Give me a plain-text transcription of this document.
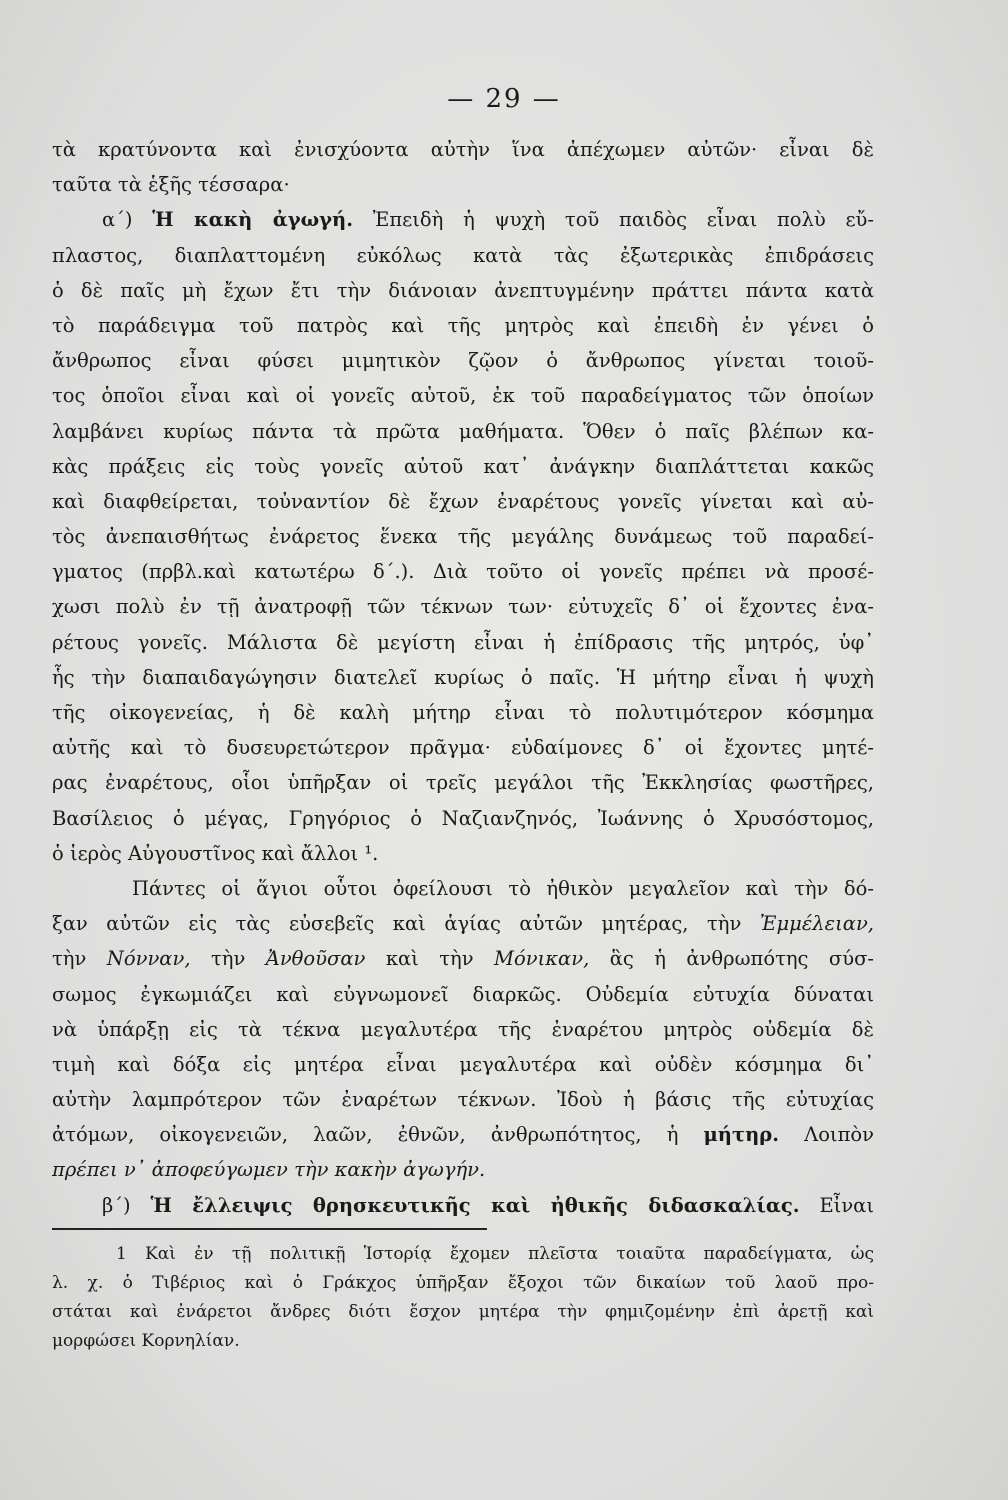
— 29 —
τὰ κρατύνοντα καὶ ἐνισχύοντα αὐτὴν ἵνα ἀπέχωμεν αὐτῶν· εἶναι δὲ
ταῦτα τὰ ἑξῆς τέσσαρα·
α΄) Ἡ κακὴ ἀγωγή. Ἐπειδὴ ἡ ψυχὴ τοῦ παιδὸς εἶναι πολὺ εὔ-
πλαστος, διαπλαττομένη εὐκόλως κατὰ τὰς ἐξωτερικὰς ἐπιδράσεις
ὁ δὲ παῖς μὴ ἔχων ἔτι τὴν διάνοιαν ἀνεπτυγμένην πράττει πάντα κατὰ
τὸ παράδειγμα τοῦ πατρὸς καὶ τῆς μητρὸς καὶ ἐπειδὴ ἐν γένει ὁ
ἄνθρωπος εἶναι φύσει μιμητικὸν ζῷον ὁ ἄνθρωπος γίνεται τοιοῦ-
τος ὁποῖοι εἶναι καὶ οἱ γονεῖς αὐτοῦ, ἐκ τοῦ παραδείγματος τῶν ὁποίων
λαμβάνει κυρίως πάντα τὰ πρῶτα μαθήματα. Ὅθεν ὁ παῖς βλέπων κα-
κὰς πράξεις εἰς τοὺς γονεῖς αὐτοῦ κατ᾽ ἀνάγκην διαπλάττεται κακῶς
καὶ διαφθείρεται, τοὐναντίον δὲ ἔχων ἐναρέτους γονεῖς γίνεται καὶ αὐ-
τὸς ἀνεπαισθήτως ἐνάρετος ἕνεκα τῆς μεγάλης δυνάμεως τοῦ παραδεί-
γματος (πρβλ.καὶ κατωτέρω δ΄.). Διὰ τοῦτο οἱ γονεῖς πρέπει νὰ προσέ-
χωσι πολὺ ἐν τῇ ἀνατροφῇ τῶν τέκνων των· εὐτυχεῖς δ᾽ οἱ ἔχοντες ἐνα-
ρέτους γονεῖς. Μάλιστα δὲ μεγίστη εἶναι ἡ ἐπίδρασις τῆς μητρός, ὑφ᾽
ἧς τὴν διαπαιδαγώγησιν διατελεῖ κυρίως ὁ παῖς. Ἡ μήτηρ εἶναι ἡ ψυχὴ
τῆς οἰκογενείας, ἡ δὲ καλὴ μήτηρ εἶναι τὸ πολυτιμότερον κόσμημα
αὐτῆς καὶ τὸ δυσευρετώτερον πρᾶγμα· εὐδαίμονες δ᾽ οἱ ἔχοντες μητέ-
ρας ἐναρέτους, οἷοι ὑπῆρξαν οἱ τρεῖς μεγάλοι τῆς Ἐκκλησίας φωστῆρες,
Βασίλειος ὁ μέγας, Γρηγόριος ὁ Ναζιανζηνός, Ἰωάννης ὁ Χρυσόστομος,
ὁ ἱερὸς Αὐγουστῖνος καὶ ἄλλοι ¹.
Πάντες οἱ ἅγιοι οὗτοι ὀφείλουσι τὸ ἠθικὸν μεγαλεῖον καὶ τὴν δό-
ξαν αὐτῶν εἰς τὰς εὐσεβεῖς καὶ ἁγίας αὐτῶν μητέρας, τὴν Ἐμμέλειαν,
τὴν Νόνναν, τὴν Ἀνθοῦσαν καὶ τὴν Μόνικαν, ἃς ἡ ἀνθρωπότης σύσ-
σωμος ἐγκωμιάζει καὶ εὐγνωμονεῖ διαρκῶς. Οὐδεμία εὐτυχία δύναται
νὰ ὑπάρξῃ εἰς τὰ τέκνα μεγαλυτέρα τῆς ἐναρέτου μητρὸς οὐδεμία δὲ
τιμὴ καὶ δόξα εἰς μητέρα εἶναι μεγαλυτέρα καὶ οὐδὲν κόσμημα δι᾽
αὐτὴν λαμπρότερον τῶν ἐναρέτων τέκνων. Ἰδοὺ ἡ βάσις τῆς εὐτυχίας
ἀτόμων, οἰκογενειῶν, λαῶν, ἐθνῶν, ἀνθρωπότητος, ἡ μήτηρ. Λοιπὸν
πρέπει ν᾽ ἀποφεύγωμεν τὴν κακὴν ἀγωγήν.
β΄) Ἡ ἔλλειψις θρησκευτικῆς καὶ ἠθικῆς διδασκαλίας. Εἶναι
1 Καὶ ἐν τῇ πολιτικῇ Ἱστορίᾳ ἔχομεν πλεῖστα τοιαῦτα παραδείγματα, ὡς
λ. χ. ὁ Τιβέριος καὶ ὁ Γράκχος ὑπῆρξαν ἔξοχοι τῶν δικαίων τοῦ λαοῦ προ-
στάται καὶ ἐνάρετοι ἄνδρες διότι ἔσχον μητέρα τὴν φημιζομένην ἐπὶ ἀρετῇ καὶ
μορφώσει Κορνηλίαν.
